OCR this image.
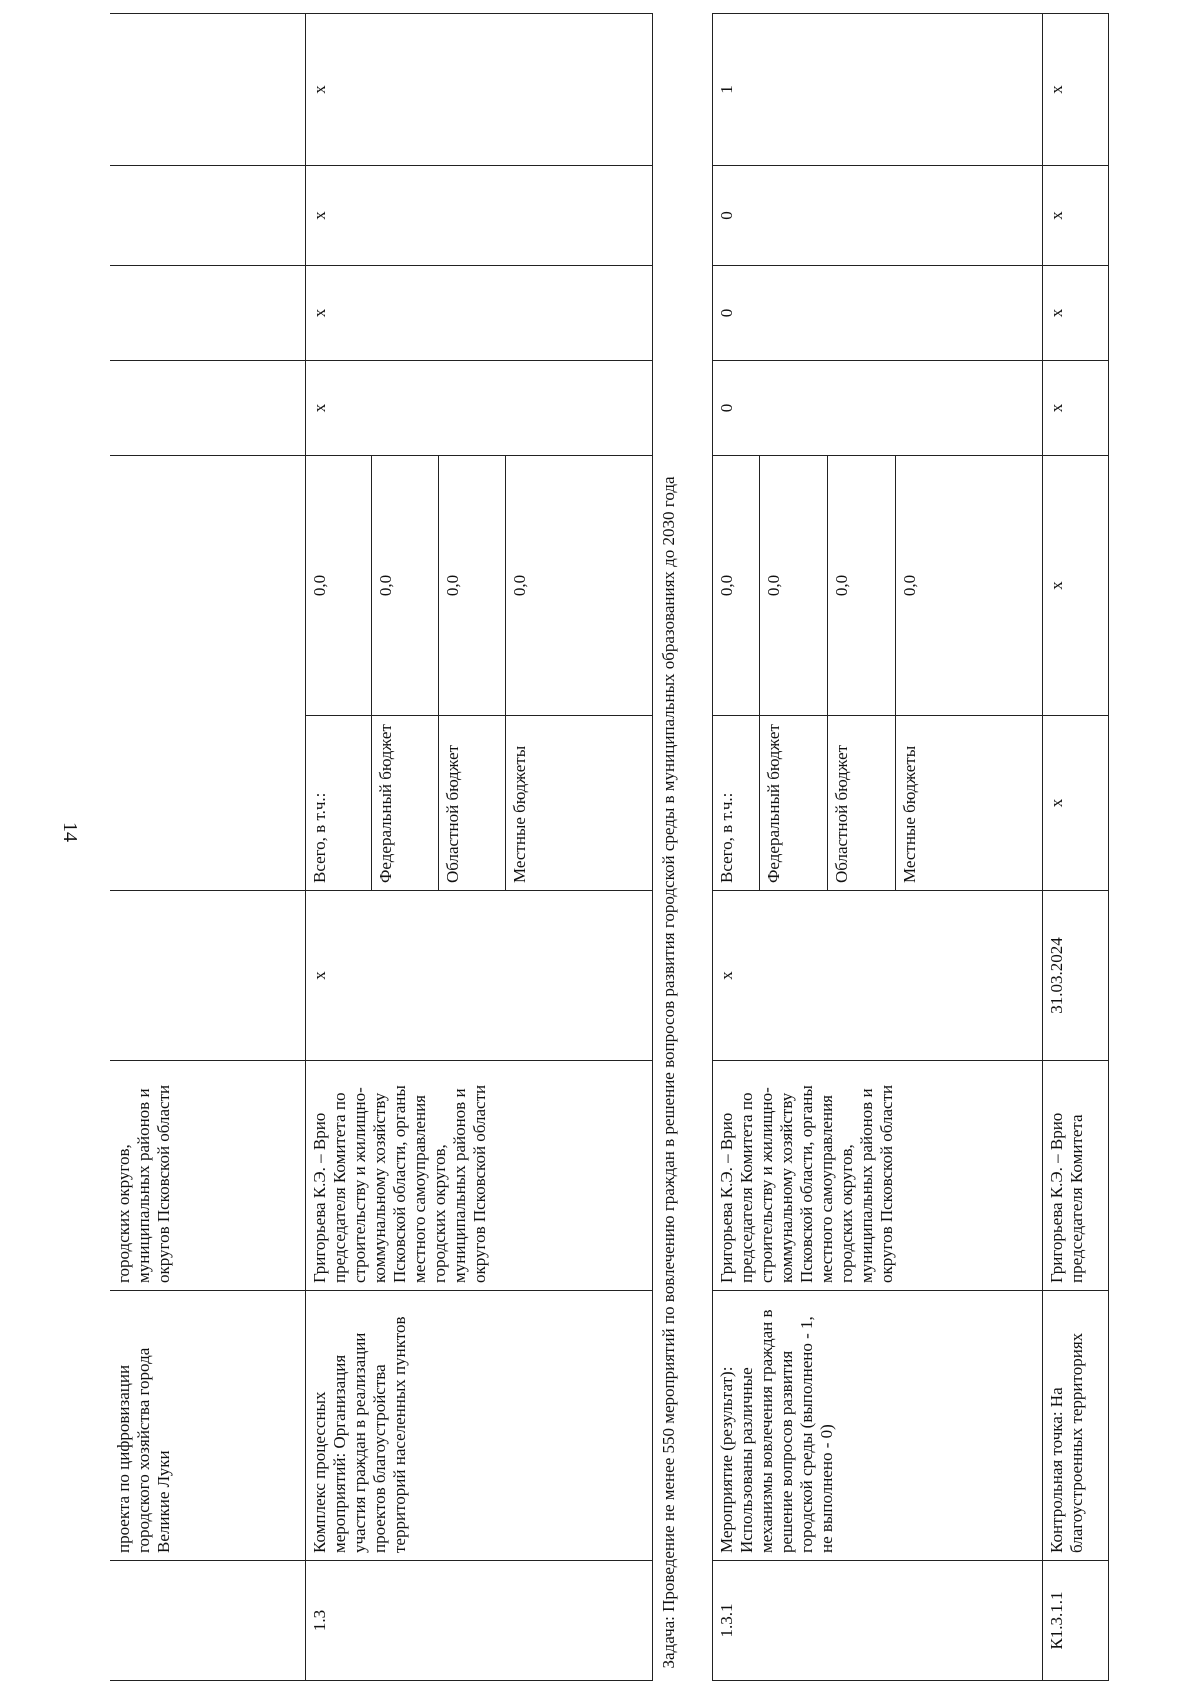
14
	проекта по цифровизации городского хозяйства города Великие Луки	городских округов, муниципальных районов и округов Псковской области							
1.3	Комплекс процессных мероприятий: Организация участия граждан в реализации проектов благоустройства территорий населенных пунктов	Григорьева К.Э. – Врио председателя Комитета по строительству и жилищно-коммунальному хозяйству Псковской области, органы местного самоуправления городских округов, муниципальных районов и округов Псковской области	х	Всего, в т.ч.:	0,0	х	х	х	х
				Федеральный бюджет	0,0				
				Областной бюджет	0,0				
				Местные бюджеты	0,0				
Задача: Проведение не менее 550 мероприятий по вовлечению граждан в решение вопросов развития городской среды в муниципальных образованиях до 2030 года									
1.3.1	Мероприятие (результат): Использованы различные механизмы вовлечения граждан в решение вопросов развития городской среды (выполнено - 1, не выполнено - 0)	Григорьева К.Э. – Врио председателя Комитета по строительству и жилищно-коммунальному хозяйству Псковской области, органы местного самоуправления городских округов, муниципальных районов и округов Псковской области	х	Всего, в т.ч.:	0,0	0	0	0	1
				Федеральный бюджет	0,0				
				Областной бюджет	0,0				
				Местные бюджеты	0,0				
К1.3.1.1	Контрольная точка: На благоустроенных территориях	Григорьева К.Э. – Врио председателя Комитета	31.03.2024	х	х	х	х	х	х
